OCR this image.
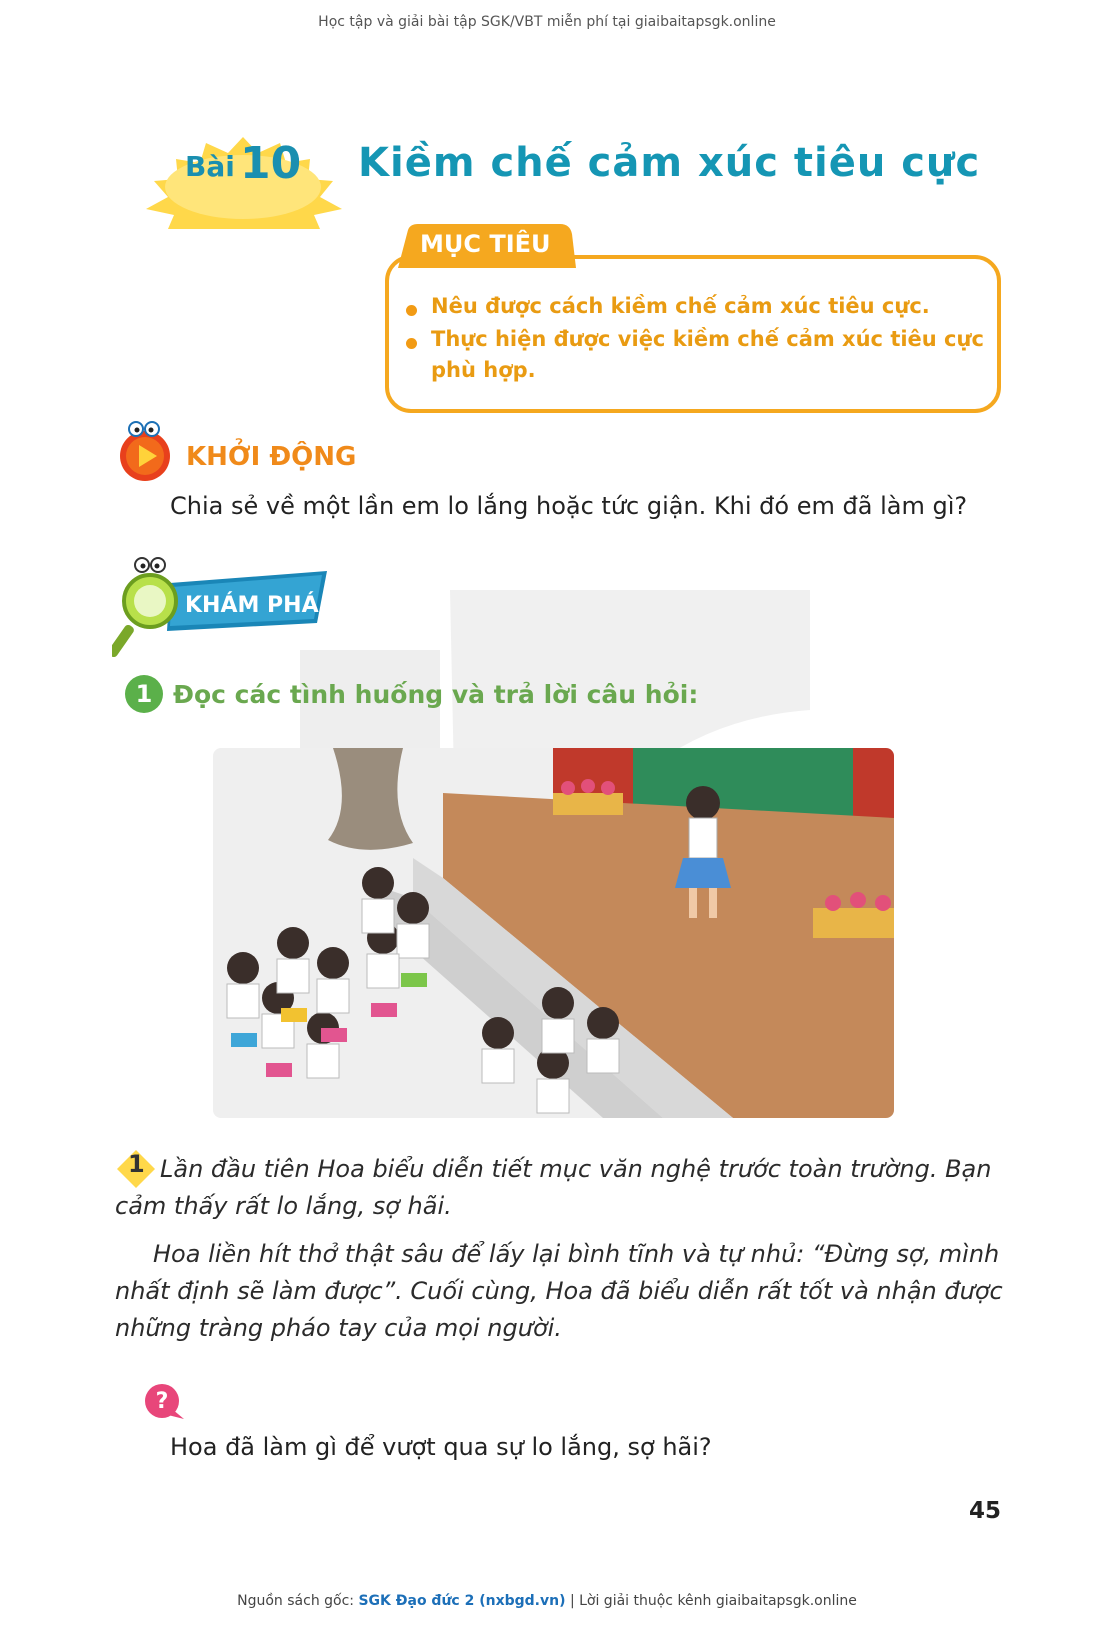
Học tập và giải bài tập SGK/VBT miễn phí tại giaibaitapsgk.online
Bài 10 Kiềm chế cảm xúc tiêu cực
MỤC TIÊU
Nêu được cách kiềm chế cảm xúc tiêu cực.
Thực hiện được việc kiềm chế cảm xúc tiêu cực
phù hợp.
KHỞI ĐỘNG
Chia sẻ về một lần em lo lắng hoặc tức giận. Khi đó em đã làm gì?
KHÁM PHÁ
1 Đọc các tình huống và trả lời câu hỏi:
1 Lần đầu tiên Hoa biểu diễn tiết mục văn nghệ trước toàn trường. Bạn
cảm thấy rất lo lắng, sợ hãi.
Hoa liền hít thở thật sâu để lấy lại bình tĩnh và tự nhủ: “Đừng sợ, mình
nhất định sẽ làm được”. Cuối cùng, Hoa đã biểu diễn rất tốt và nhận được
những tràng pháo tay của mọi người.
?
Hoa đã làm gì để vượt qua sự lo lắng, sợ hãi?
45
Nguồn sách gốc: SGK Đạo đức 2 (nxbgd.vn) | Lời giải thuộc kênh giaibaitapsgk.online
